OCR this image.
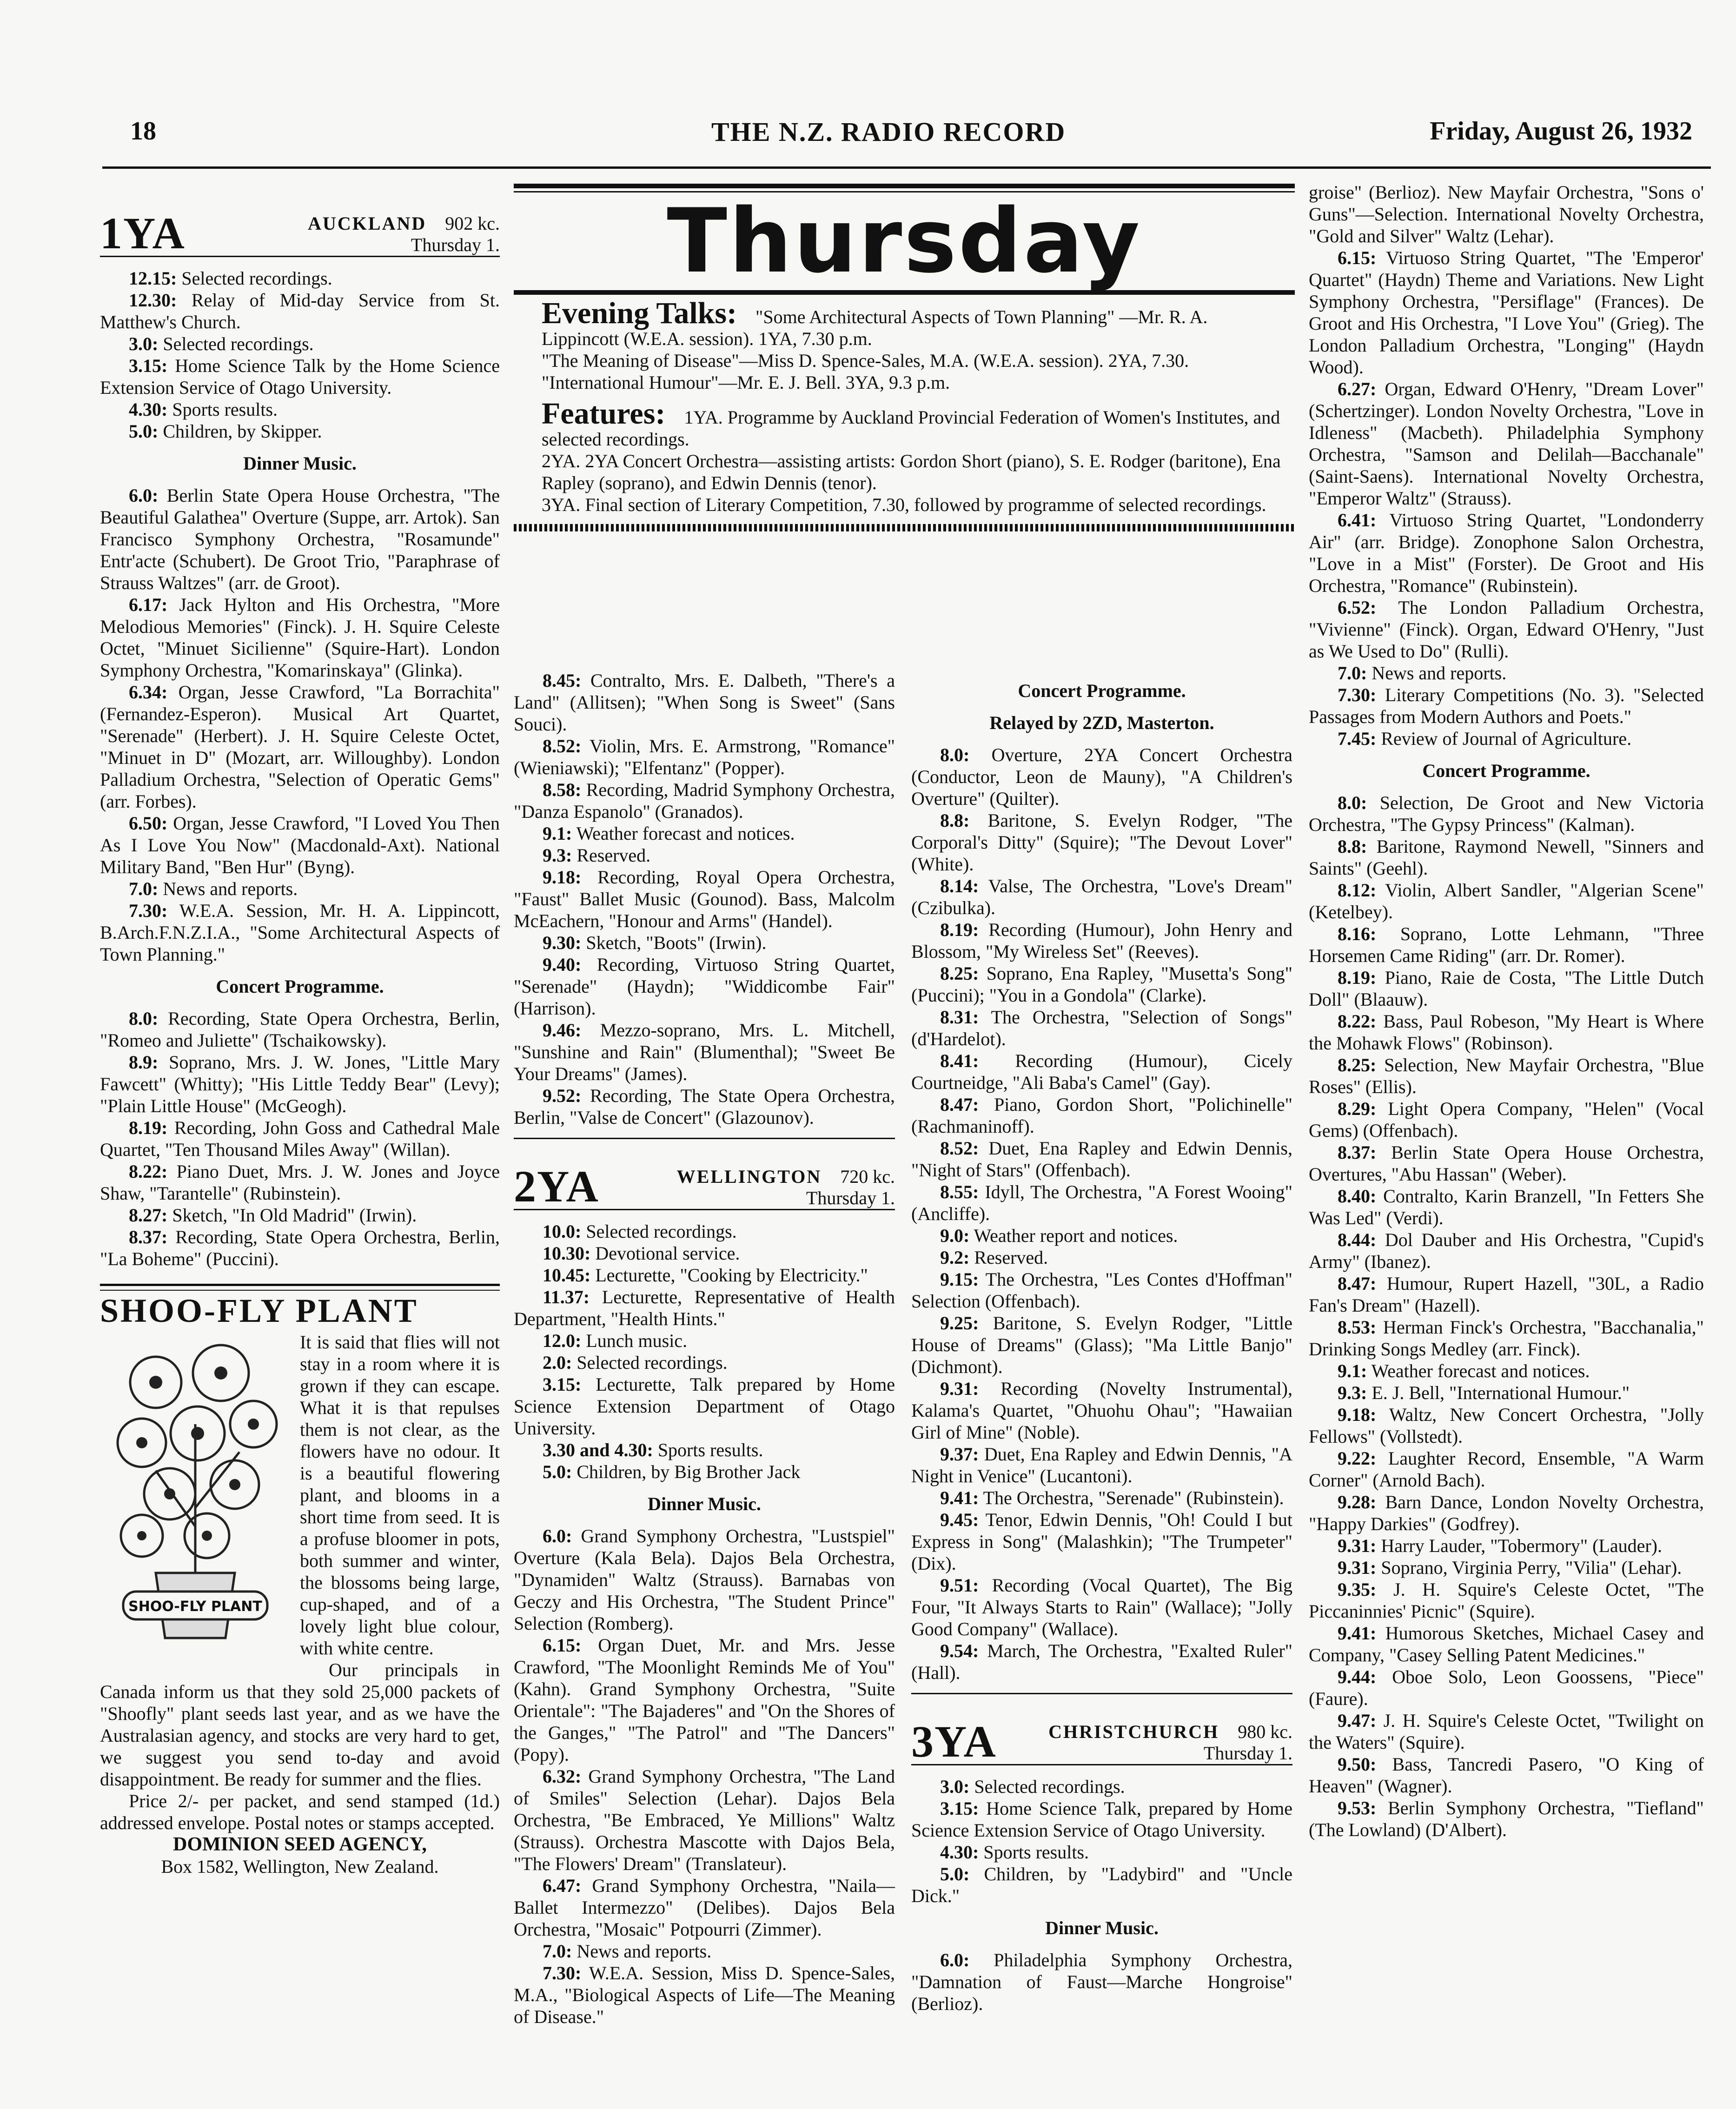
18	THE N.Z. RADIO RECORD	Friday, August 26, 1932
1YA	AUCKLAND 902 kc.
Thursday 1.

12.15: Selected recordings.

12.30: Relay of Mid-day Service from St. Matthew's Church.

3.0: Selected recordings.

3.15: Home Science Talk by the Home Science Extension Service of Otago University.

4.30: Sports results.

5.0: Children, by Skipper.

Dinner Music.

6.0: Berlin State Opera House Orchestra, "The Beautiful Galathea" Overture (Suppe, arr. Artok). San Francisco Symphony Orchestra, "Rosamunde" Entr'acte (Schubert). De Groot Trio, "Paraphrase of Strauss Waltzes" (arr. de Groot).

6.17: Jack Hylton and His Orchestra, "More Melodious Memories" (Finck). J. H. Squire Celeste Octet, "Minuet Sicilienne" (Squire-Hart). London Symphony Orchestra, "Komarinskaya" (Glinka).

6.34: Organ, Jesse Crawford, "La Borrachita" (Fernandez-Esperon). Musical Art Quartet, "Serenade" (Herbert). J. H. Squire Celeste Octet, "Minuet in D" (Mozart, arr. Willoughby). London Palladium Orchestra, "Selection of Operatic Gems" (arr. Forbes).

6.50: Organ, Jesse Crawford, "I Loved You Then As I Love You Now" (Macdonald-Axt). National Military Band, "Ben Hur" (Byng).

7.0: News and reports.

7.30: W.E.A. Session, Mr. H. A. Lippincott, B.Arch.F.N.Z.I.A., "Some Architectural Aspects of Town Planning."

Concert Programme.

8.0: Recording, State Opera Orchestra, Berlin, "Romeo and Juliette" (Tschaikowsky).

8.9: Soprano, Mrs. J. W. Jones, "Little Mary Fawcett" (Whitty); "His Little Teddy Bear" (Levy); "Plain Little House" (McGeogh).

8.19: Recording, John Goss and Cathedral Male Quartet, "Ten Thousand Miles Away" (Willan).

8.22: Piano Duet, Mrs. J. W. Jones and Joyce Shaw, "Tarantelle" (Rubinstein).

8.27: Sketch, "In Old Madrid" (Irwin).

8.37: Recording, State Opera Orchestra, Berlin, "La Boheme" (Puccini).

SHOO-FLY PLANT
SHOO-FLY PLANT

It is said that flies will not stay in a room where it is grown if they can escape. What it is that repulses them is not clear, as the flowers have no odour. It is a beautiful flowering plant, and blooms in a short time from seed. It is a profuse bloomer in pots, both summer and winter, the blossoms being large, cup-shaped, and of a lovely light blue colour, with white centre.

Our principals in Canada inform us that they sold 25,000 packets of "Shoofly" plant seeds last year, and as we have the Australasian agency, and stocks are very hard to get, we suggest you send to-day and avoid disappointment. Be ready for summer and the flies.

Price 2/- per packet, and send stamped (1d.) addressed envelope. Postal notes or stamps accepted.

DOMINION SEED AGENCY,
Box 1582, Wellington, New Zealand.
Thursday
Evening Talks: "Some Architectural Aspects of Town Planning" —Mr. R. A. Lippincott (W.E.A. session). 1YA, 7.30 p.m.
"The Meaning of Disease"—Miss D. Spence-Sales, M.A. (W.E.A. session). 2YA, 7.30.
"International Humour"—Mr. E. J. Bell. 3YA, 9.3 p.m.
Features: 1YA. Programme by Auckland Provincial Federation of Women's Institutes, and selected recordings.
2YA. 2YA Concert Orchestra—assisting artists: Gordon Short (piano), S. E. Rodger (baritone), Ena Rapley (soprano), and Edwin Dennis (tenor).
3YA. Final section of Literary Competition, 7.30, followed by programme of selected recordings.

8.45: Contralto, Mrs. E. Dalbeth, "There's a Land" (Allitsen); "When Song is Sweet" (Sans Souci).

8.52: Violin, Mrs. E. Armstrong, "Romance" (Wieniawski); "Elfentanz" (Popper).

8.58: Recording, Madrid Symphony Orchestra, "Danza Espanolo" (Granados).

9.1: Weather forecast and notices.

9.3: Reserved.

9.18: Recording, Royal Opera Orchestra, "Faust" Ballet Music (Gounod). Bass, Malcolm McEachern, "Honour and Arms" (Handel).

9.30: Sketch, "Boots" (Irwin).

9.40: Recording, Virtuoso String Quartet, "Serenade" (Haydn); "Widdicombe Fair" (Harrison).

9.46: Mezzo-soprano, Mrs. L. Mitchell, "Sunshine and Rain" (Blumenthal); "Sweet Be Your Dreams" (James).

9.52: Recording, The State Opera Orchestra, Berlin, "Valse de Concert" (Glazounov).

2YA	WELLINGTON 720 kc.
Thursday 1.

10.0: Selected recordings.

10.30: Devotional service.

10.45: Lecturette, "Cooking by Electricity."

11.37: Lecturette, Representative of Health Department, "Health Hints."

12.0: Lunch music.

2.0: Selected recordings.

3.15: Lecturette, Talk prepared by Home Science Extension Department of Otago University.

3.30 and 4.30: Sports results.

5.0: Children, by Big Brother Jack

Dinner Music.

6.0: Grand Symphony Orchestra, "Lustspiel" Overture (Kala Bela). Dajos Bela Orchestra, "Dynamiden" Waltz (Strauss). Barnabas von Geczy and His Orchestra, "The Student Prince" Selection (Romberg).

6.15: Organ Duet, Mr. and Mrs. Jesse Crawford, "The Moonlight Reminds Me of You" (Kahn). Grand Symphony Orchestra, "Suite Orientale": "The Bajaderes" and "On the Shores of the Ganges," "The Patrol" and "The Dancers" (Popy).

6.32: Grand Symphony Orchestra, "The Land of Smiles" Selection (Lehar). Dajos Bela Orchestra, "Be Embraced, Ye Millions" Waltz (Strauss). Orchestra Mascotte with Dajos Bela, "The Flowers' Dream" (Translateur).

6.47: Grand Symphony Orchestra, "Naila—Ballet Intermezzo" (Delibes). Dajos Bela Orchestra, "Mosaic" Potpourri (Zimmer).

7.0: News and reports.

7.30: W.E.A. Session, Miss D. Spence-Sales, M.A., "Biological Aspects of Life—The Meaning of Disease."

Concert Programme.
Relayed by 2ZD, Masterton.

8.0: Overture, 2YA Concert Orchestra (Conductor, Leon de Mauny), "A Children's Overture" (Quilter).

8.8: Baritone, S. Evelyn Rodger, "The Corporal's Ditty" (Squire); "The Devout Lover" (White).

8.14: Valse, The Orchestra, "Love's Dream" (Czibulka).

8.19: Recording (Humour), John Henry and Blossom, "My Wireless Set" (Reeves).

8.25: Soprano, Ena Rapley, "Musetta's Song" (Puccini); "You in a Gondola" (Clarke).

8.31: The Orchestra, "Selection of Songs" (d'Hardelot).

8.41: Recording (Humour), Cicely Courtneidge, "Ali Baba's Camel" (Gay).

8.47: Piano, Gordon Short, "Polichinelle" (Rachmaninoff).

8.52: Duet, Ena Rapley and Edwin Dennis, "Night of Stars" (Offenbach).

8.55: Idyll, The Orchestra, "A Forest Wooing" (Ancliffe).

9.0: Weather report and notices.

9.2: Reserved.

9.15: The Orchestra, "Les Contes d'Hoffman" Selection (Offenbach).

9.25: Baritone, S. Evelyn Rodger, "Little House of Dreams" (Glass); "Ma Little Banjo" (Dichmont).

9.31: Recording (Novelty Instrumental), Kalama's Quartet, "Ohuohu Ohau"; "Hawaiian Girl of Mine" (Noble).

9.37: Duet, Ena Rapley and Edwin Dennis, "A Night in Venice" (Lucantoni).

9.41: The Orchestra, "Serenade" (Rubinstein).

9.45: Tenor, Edwin Dennis, "Oh! Could I but Express in Song" (Malashkin); "The Trumpeter" (Dix).

9.51: Recording (Vocal Quartet), The Big Four, "It Always Starts to Rain" (Wallace); "Jolly Good Company" (Wallace).

9.54: March, The Orchestra, "Exalted Ruler" (Hall).

3YA	CHRISTCHURCH 980 kc.
Thursday 1.

3.0: Selected recordings.

3.15: Home Science Talk, prepared by Home Science Extension Service of Otago University.

4.30: Sports results.

5.0: Children, by "Ladybird" and "Uncle Dick."

Dinner Music.

6.0: Philadelphia Symphony Orchestra, "Damnation of Faust—Marche Hongroise" (Berlioz).

groise" (Berlioz). New Mayfair Orchestra, "Sons o' Guns"—Selection. International Novelty Orchestra, "Gold and Silver" Waltz (Lehar).

6.15: Virtuoso String Quartet, "The 'Emperor' Quartet" (Haydn) Theme and Variations. New Light Symphony Orchestra, "Persiflage" (Frances). De Groot and His Orchestra, "I Love You" (Grieg). The London Palladium Orchestra, "Longing" (Haydn Wood).

6.27: Organ, Edward O'Henry, "Dream Lover" (Schertzinger). London Novelty Orchestra, "Love in Idleness" (Macbeth). Philadelphia Symphony Orchestra, "Samson and Delilah—Bacchanale" (Saint-Saens). International Novelty Orchestra, "Emperor Waltz" (Strauss).

6.41: Virtuoso String Quartet, "Londonderry Air" (arr. Bridge). Zonophone Salon Orchestra, "Love in a Mist" (Forster). De Groot and His Orchestra, "Romance" (Rubinstein).

6.52: The London Palladium Orchestra, "Vivienne" (Finck). Organ, Edward O'Henry, "Just as We Used to Do" (Rulli).

7.0: News and reports.

7.30: Literary Competitions (No. 3). "Selected Passages from Modern Authors and Poets."

7.45: Review of Journal of Agriculture.

Concert Programme.

8.0: Selection, De Groot and New Victoria Orchestra, "The Gypsy Princess" (Kalman).

8.8: Baritone, Raymond Newell, "Sinners and Saints" (Geehl).

8.12: Violin, Albert Sandler, "Algerian Scene" (Ketelbey).

8.16: Soprano, Lotte Lehmann, "Three Horsemen Came Riding" (arr. Dr. Romer).

8.19: Piano, Raie de Costa, "The Little Dutch Doll" (Blaauw).

8.22: Bass, Paul Robeson, "My Heart is Where the Mohawk Flows" (Robinson).

8.25: Selection, New Mayfair Orchestra, "Blue Roses" (Ellis).

8.29: Light Opera Company, "Helen" (Vocal Gems) (Offenbach).

8.37: Berlin State Opera House Orchestra, Overtures, "Abu Hassan" (Weber).

8.40: Contralto, Karin Branzell, "In Fetters She Was Led" (Verdi).

8.44: Dol Dauber and His Orchestra, "Cupid's Army" (Ibanez).

8.47: Humour, Rupert Hazell, "30L, a Radio Fan's Dream" (Hazell).

8.53: Herman Finck's Orchestra, "Bacchanalia," Drinking Songs Medley (arr. Finck).

9.1: Weather forecast and notices.

9.3: E. J. Bell, "International Humour."

9.18: Waltz, New Concert Orchestra, "Jolly Fellows" (Vollstedt).

9.22: Laughter Record, Ensemble, "A Warm Corner" (Arnold Bach).

9.28: Barn Dance, London Novelty Orchestra, "Happy Darkies" (Godfrey).

9.31: Harry Lauder, "Tobermory" (Lauder).

9.31: Soprano, Virginia Perry, "Vilia" (Lehar).

9.35: J. H. Squire's Celeste Octet, "The Piccaninnies' Picnic" (Squire).

9.41: Humorous Sketches, Michael Casey and Company, "Casey Selling Patent Medicines."

9.44: Oboe Solo, Leon Goossens, "Piece" (Faure).

9.47: J. H. Squire's Celeste Octet, "Twilight on the Waters" (Squire).

9.50: Bass, Tancredi Pasero, "O King of Heaven" (Wagner).

9.53: Berlin Symphony Orchestra, "Tiefland" (The Lowland) (D'Albert).
